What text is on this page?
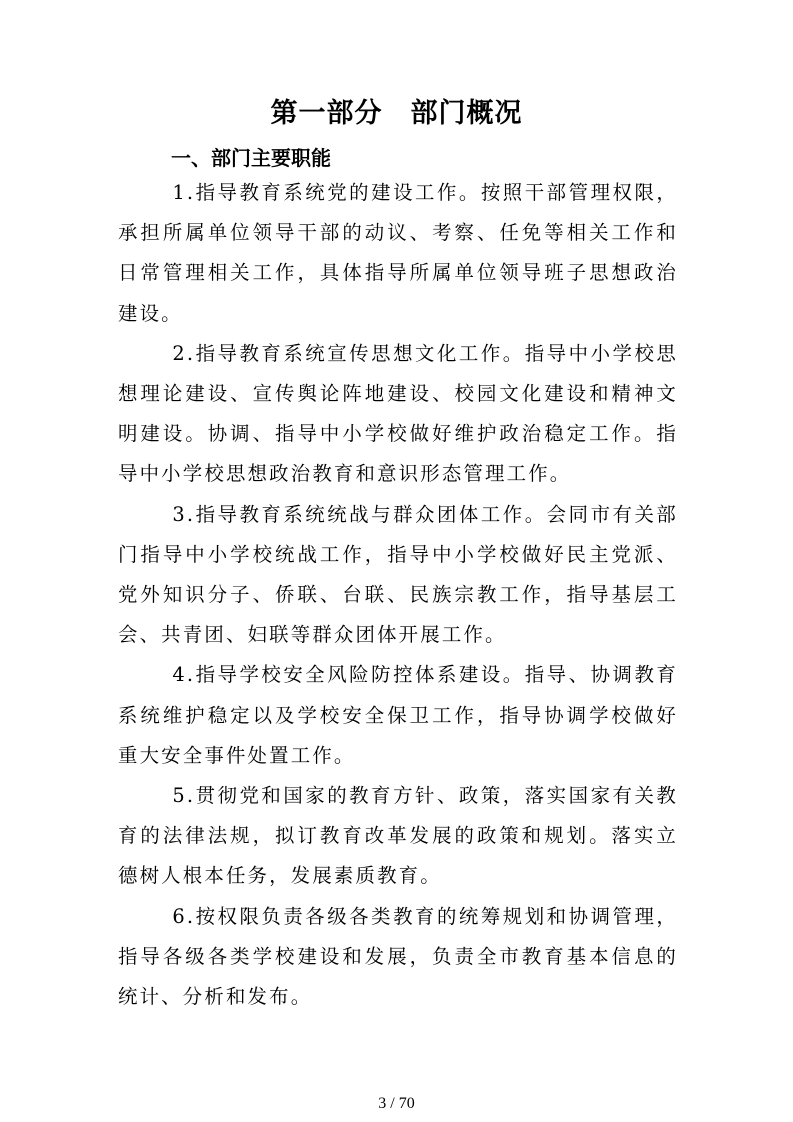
第一部分 部门概况
一、部门主要职能

1.指导教育系统党的建设工作。按照干部管理权限，承担所属单位领导干部的动议、考察、任免等相关工作和日常管理相关工作，具体指导所属单位领导班子思想政治建设。

2.指导教育系统宣传思想文化工作。指导中小学校思想理论建设、宣传舆论阵地建设、校园文化建设和精神文明建设。协调、指导中小学校做好维护政治稳定工作。指导中小学校思想政治教育和意识形态管理工作。

3.指导教育系统统战与群众团体工作。会同市有关部门指导中小学校统战工作，指导中小学校做好民主党派、党外知识分子、侨联、台联、民族宗教工作，指导基层工会、共青团、妇联等群众团体开展工作。

4.指导学校安全风险防控体系建设。指导、协调教育系统维护稳定以及学校安全保卫工作，指导协调学校做好重大安全事件处置工作。

5.贯彻党和国家的教育方针、政策，落实国家有关教育的法律法规，拟订教育改革发展的政策和规划。落实立德树人根本任务，发展素质教育。

6.按权限负责各级各类教育的统筹规划和协调管理，指导各级各类学校建设和发展，负责全市教育基本信息的统计、分析和发布。

3 / 70
